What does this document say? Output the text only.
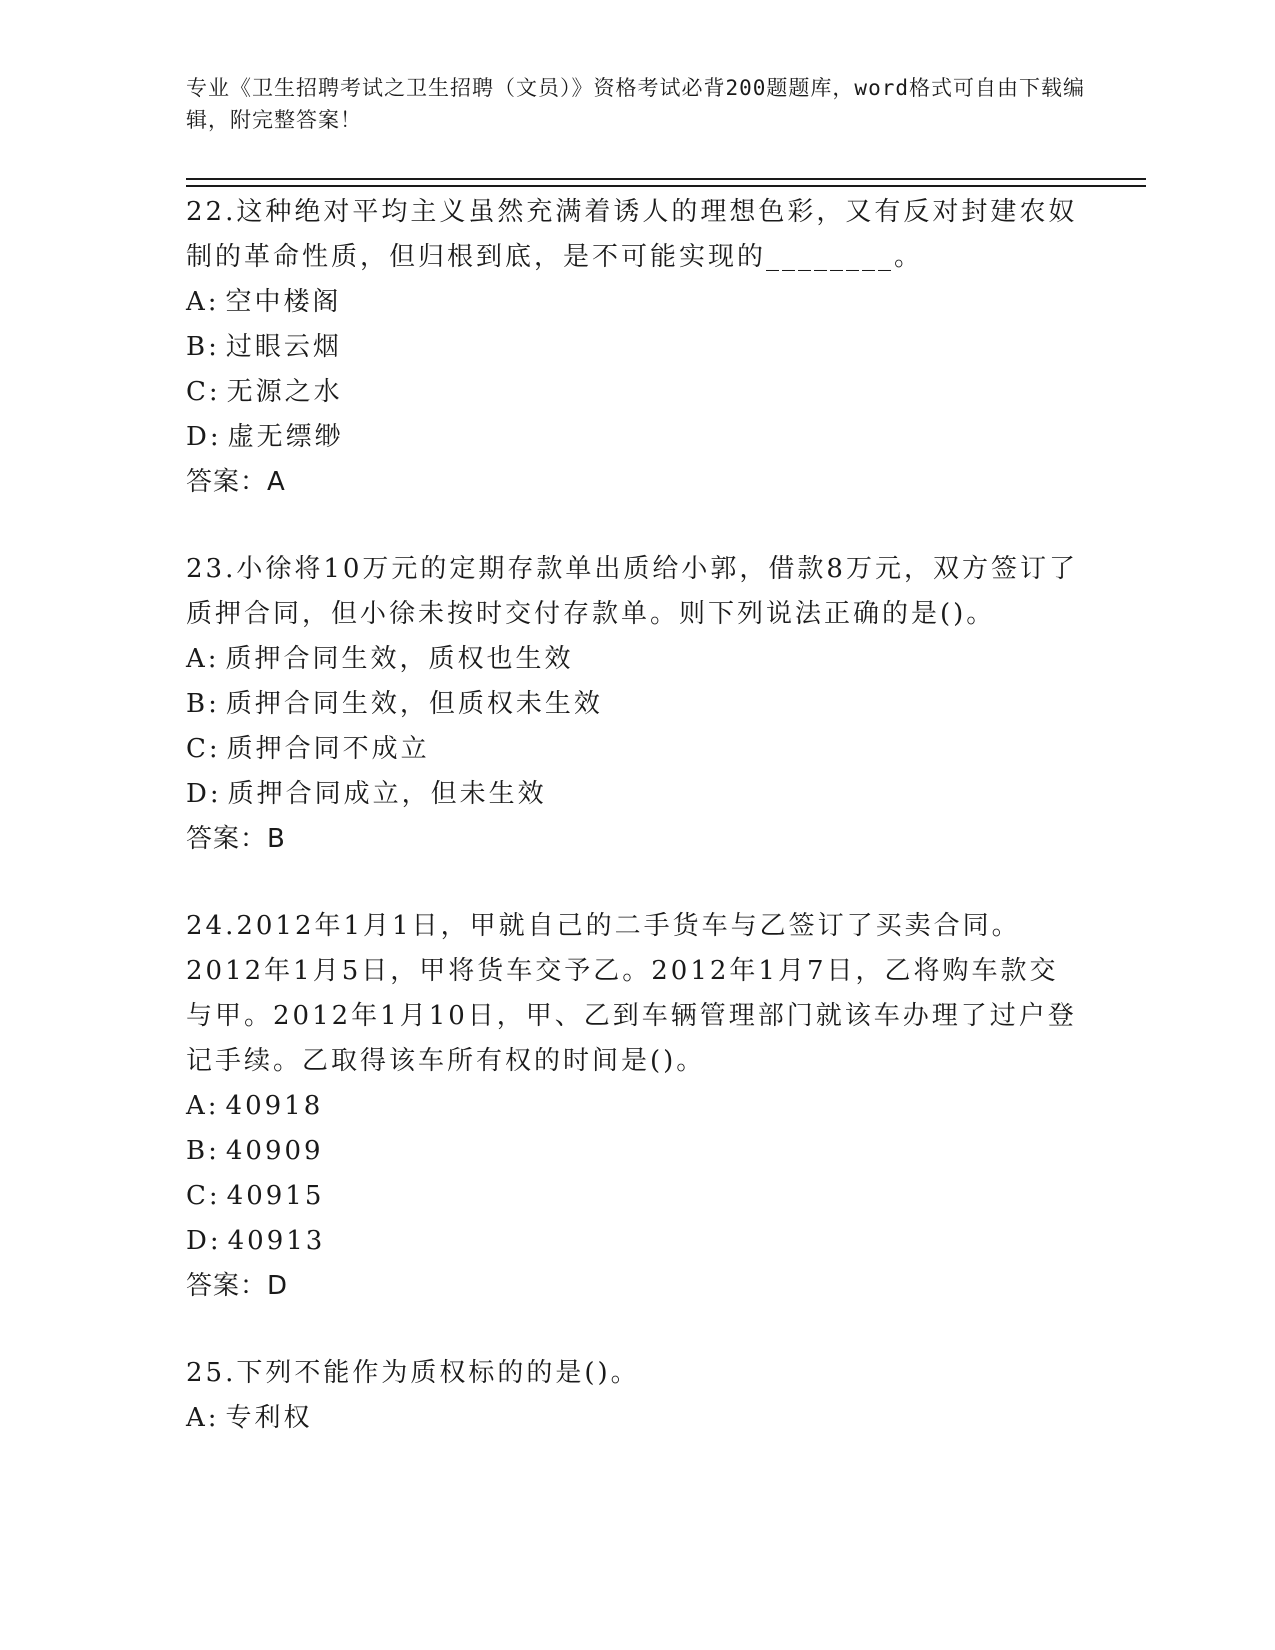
专业《卫生招聘考试之卫生招聘（文员）》资格考试必背200题题库，word格式可自由下载编辑，附完整答案！
22.这种绝对平均主义虽然充满着诱人的理想色彩，又有反对封建农奴制的革命性质，但归根到底，是不可能实现的________。
A: 空中楼阁
B: 过眼云烟
C: 无源之水
D: 虚无缥缈
答案：A
23.小徐将10万元的定期存款单出质给小郭，借款8万元，双方签订了质押合同，但小徐未按时交付存款单。则下列说法正确的是()。
A: 质押合同生效，质权也生效
B: 质押合同生效，但质权未生效
C: 质押合同不成立
D: 质押合同成立，但未生效
答案：B
24.2012年1月1日，甲就自己的二手货车与乙签订了买卖合同。2012年1月5日，甲将货车交予乙。2012年1月7日，乙将购车款交与甲。2012年1月10日，甲、乙到车辆管理部门就该车办理了过户登记手续。乙取得该车所有权的时间是()。
A: 40918
B: 40909
C: 40915
D: 40913
答案：D
25.下列不能作为质权标的的是()。
A: 专利权
